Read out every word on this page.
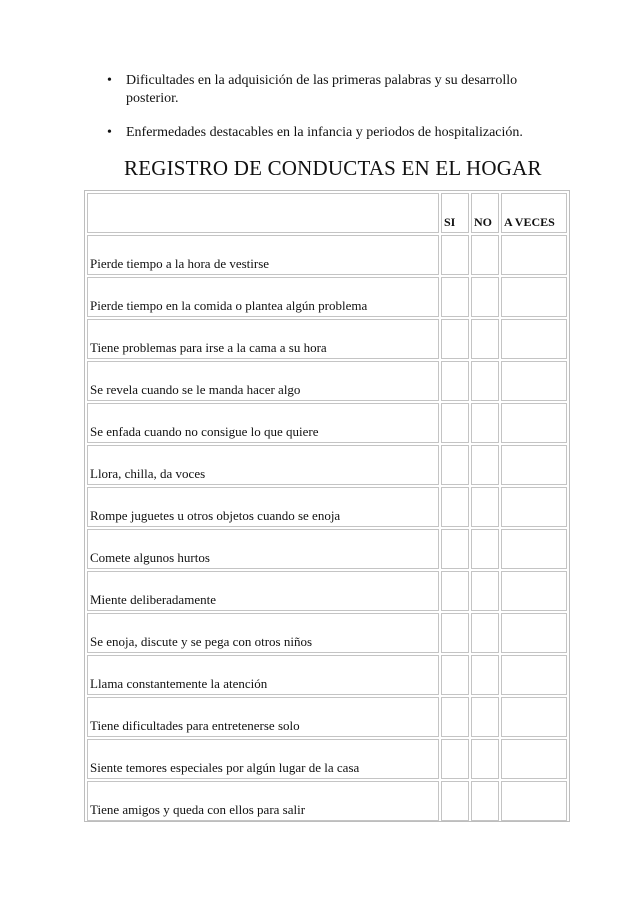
• Dificultades en la adquisición de las primeras palabras y su desarrollo posterior.
• Enfermedades destacables en la infancia y periodos de hospitalización.
REGISTRO DE CONDUCTAS EN EL HOGAR
	SI	NO	A VECES
Pierde tiempo a la hora de vestirse			
Pierde tiempo en la comida o plantea algún problema			
Tiene problemas para irse a la cama a su hora			
Se revela cuando se le manda hacer algo			
Se enfada cuando no consigue lo que quiere			
Llora, chilla, da voces			
Rompe juguetes u otros objetos cuando se enoja			
Comete algunos hurtos			
Miente deliberadamente			
Se enoja, discute y se pega con otros niños			
Llama constantemente la atención			
Tiene dificultades para entretenerse solo			
Siente temores especiales por algún lugar de la casa			
Tiene amigos y queda con ellos para salir			
